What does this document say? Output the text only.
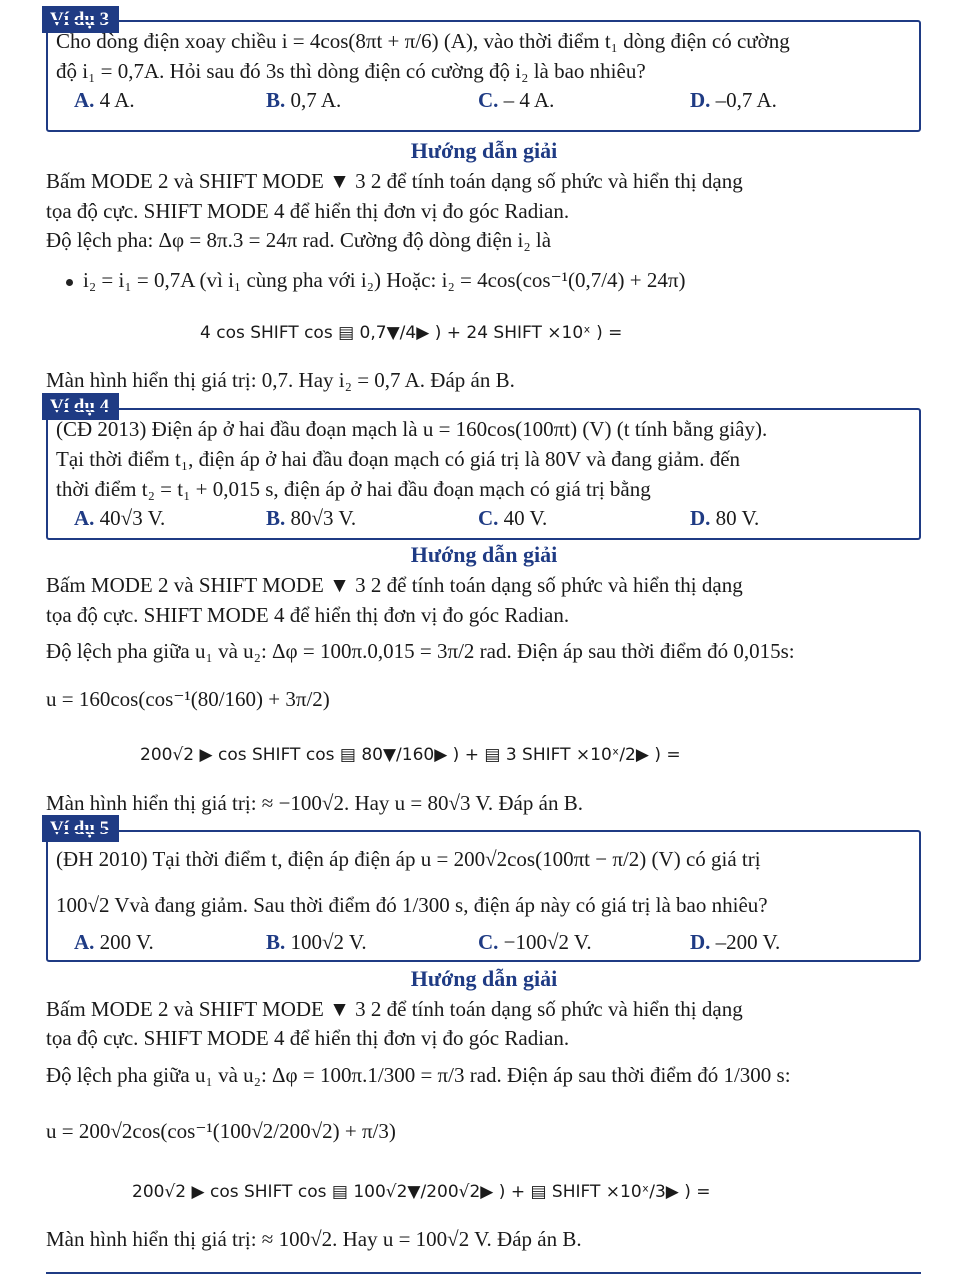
Ví dụ 3
Cho dòng điện xoay chiều i = 4cos(8πt + π/6) (A), vào thời điểm t₁ dòng điện có cường
độ i₁ = 0,7A. Hỏi sau đó 3s thì dòng điện có cường độ i₂ là bao nhiêu?
A. 4 A.	B. 0,7 A.	C. – 4 A.	D. –0,7 A.
Hướng dẫn giải
Bấm MODE 2 và SHIFT MODE ▼ 3 2 để tính toán dạng số phức và hiển thị dạng
tọa độ cực. SHIFT MODE 4 để hiển thị đơn vị đo góc Radian.
Độ lệch pha: Δφ = 8π.3 = 24π rad. Cường độ dòng điện i₂ là
i₂ = i₁ = 0,7A (vì i₁ cùng pha với i₂) Hoặc: i₂ = 4cos(cos⁻¹(0,7/4) + 24π)
4 cos SHIFT cos ▤ 0,7▼/4▶ ) + 24 SHIFT ×10ˣ ) =
Màn hình hiển thị giá trị: 0,7. Hay i₂ = 0,7 A. Đáp án B.
Ví dụ 4
(CĐ 2013) Điện áp ở hai đầu đoạn mạch là u = 160cos(100πt) (V) (t tính bằng giây).
Tại thời điểm t₁, điện áp ở hai đầu đoạn mạch có giá trị là 80V và đang giảm. đến
thời điểm t₂ = t₁ + 0,015 s, điện áp ở hai đầu đoạn mạch có giá trị bằng
A. 40√3 V.	B. 80√3 V.	C. 40 V.	D. 80 V.
Hướng dẫn giải
Bấm MODE 2 và SHIFT MODE ▼ 3 2 để tính toán dạng số phức và hiển thị dạng
tọa độ cực. SHIFT MODE 4 để hiển thị đơn vị đo góc Radian.
Độ lệch pha giữa u₁ và u₂: Δφ = 100π.0,015 = 3π/2 rad. Điện áp sau thời điểm đó 0,015s:
u = 160cos(cos⁻¹(80/160) + 3π/2)
200√2 ▶ cos SHIFT cos ▤ 80▼/160▶ ) + ▤ 3 SHIFT ×10ˣ/2▶ ) =
Màn hình hiển thị giá trị: ≈ −100√2. Hay u = 80√3 V. Đáp án B.
Ví dụ 5
(ĐH 2010) Tại thời điểm t, điện áp điện áp u = 200√2cos(100πt − π/2) (V) có giá trị
100√2 Vvà đang giảm. Sau thời điểm đó 1/300 s, điện áp này có giá trị là bao nhiêu?
A. 200 V.	B. 100√2 V.	C. −100√2 V.	D. –200 V.
Hướng dẫn giải
Bấm MODE 2 và SHIFT MODE ▼ 3 2 để tính toán dạng số phức và hiển thị dạng
tọa độ cực. SHIFT MODE 4 để hiển thị đơn vị đo góc Radian.
Độ lệch pha giữa u₁ và u₂: Δφ = 100π.1/300 = π/3 rad. Điện áp sau thời điểm đó 1/300 s:
u = 200√2cos(cos⁻¹(100√2/200√2) + π/3)
200√2 ▶ cos SHIFT cos ▤ 100√2▼/200√2▶ ) + ▤ SHIFT ×10ˣ/3▶ ) =
Màn hình hiển thị giá trị: ≈ 100√2. Hay u = 100√2 V. Đáp án B.
